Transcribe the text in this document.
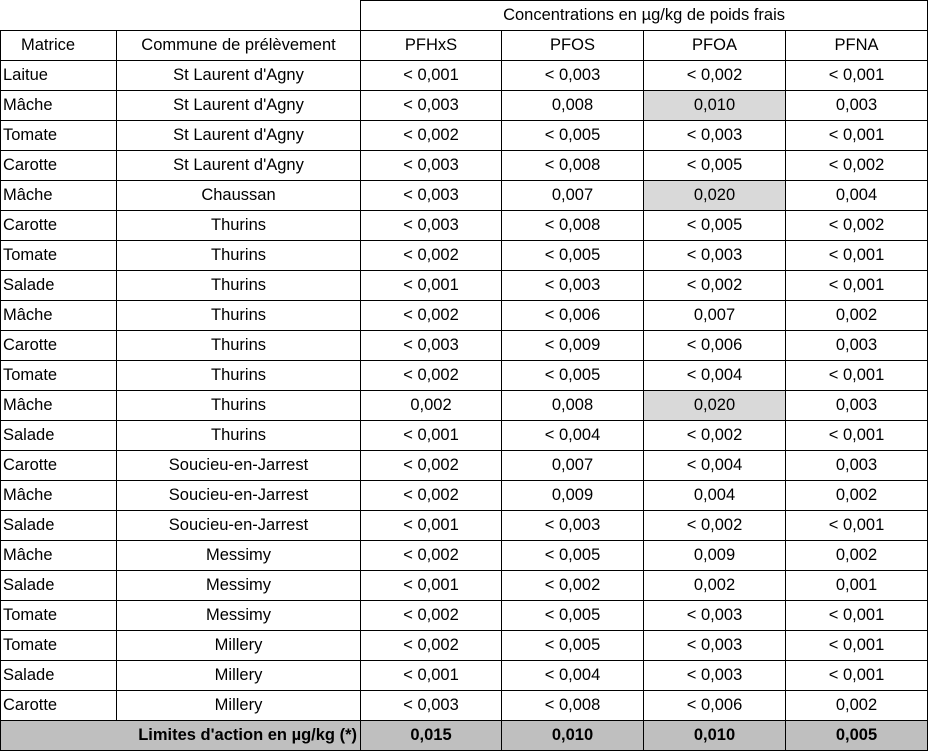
		Concentrations en µg/kg de poids frais			
Matrice	Commune de prélèvement	PFHxS	PFOS	PFOA	PFNA
Laitue	St Laurent d'Agny	< 0,001	< 0,003	< 0,002	< 0,001
Mâche	St Laurent d'Agny	< 0,003	0,008	0,010	0,003
Tomate	St Laurent d'Agny	< 0,002	< 0,005	< 0,003	< 0,001
Carotte	St Laurent d'Agny	< 0,003	< 0,008	< 0,005	< 0,002
Mâche	Chaussan	< 0,003	0,007	0,020	0,004
Carotte	Thurins	< 0,003	< 0,008	< 0,005	< 0,002
Tomate	Thurins	< 0,002	< 0,005	< 0,003	< 0,001
Salade	Thurins	< 0,001	< 0,003	< 0,002	< 0,001
Mâche	Thurins	< 0,002	< 0,006	0,007	0,002
Carotte	Thurins	< 0,003	< 0,009	< 0,006	0,003
Tomate	Thurins	< 0,002	< 0,005	< 0,004	< 0,001
Mâche	Thurins	0,002	0,008	0,020	0,003
Salade	Thurins	< 0,001	< 0,004	< 0,002	< 0,001
Carotte	Soucieu-en-Jarrest	< 0,002	0,007	< 0,004	0,003
Mâche	Soucieu-en-Jarrest	< 0,002	0,009	0,004	0,002
Salade	Soucieu-en-Jarrest	< 0,001	< 0,003	< 0,002	< 0,001
Mâche	Messimy	< 0,002	< 0,005	0,009	0,002
Salade	Messimy	< 0,001	< 0,002	0,002	0,001
Tomate	Messimy	< 0,002	< 0,005	< 0,003	< 0,001
Tomate	Millery	< 0,002	< 0,005	< 0,003	< 0,001
Salade	Millery	< 0,001	< 0,004	< 0,003	< 0,001
Carotte	Millery	< 0,003	< 0,008	< 0,006	0,002
Limites d'action en µg/kg (*)		0,015	0,010	0,010	0,005
